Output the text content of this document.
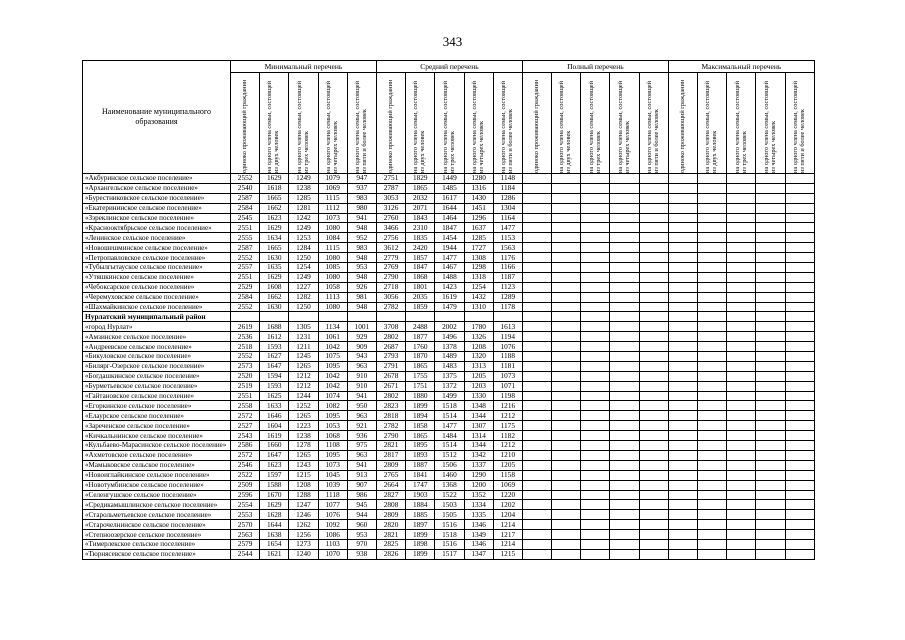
343
Наименование муниципального образования	Минимальный перечень					Средний перечень					Полный перечень					Максимальный перечень				

	одиноко проживающий гражданин	на одного члена семьи, состоящей из двух человек	на одного члена семьи, состоящей из трех человек	на одного члена семьи, состоящей из четырех человек	на одного члена семьи, состоящей из пяти и более человек	одиноко проживающий гражданин	на одного члена семьи, состоящей из двух человек	на одного члена семьи, состоящей из трех человек	на одного члена семьи, состоящей из четырех человек	на одного члена семьи, состоящей из пяти и более человек	одиноко проживающий гражданин	на одного члена семьи, состоящей из двух человек	на одного члена семьи, состоящей из трех человек	на одного члена семьи, состоящей из четырех человек	на одного члена семьи, состоящей из пяти и более человек	одиноко проживающий гражданин	на одного члена семьи, состоящей из двух человек	на одного члена семьи, состоящей из трех человек	на одного члена семьи, состоящей из четырех человек	на одного члена семьи, состоящей из пяти и более человек

«Акбуринское сельское поселение»	2552	1629	1249	1079	947	2751	1829	1449	1280	1148										
«Архангельское сельское поселение»	2540	1618	1238	1069	937	2787	1865	1485	1316	1184										
«Бурестниковское сельское поселение»	2587	1665	1285	1115	983	3053	2032	1617	1430	1286										
«Екатерининское сельское поселение»	2584	1662	1281	1112	980	3126	2071	1644	1451	1304										
«Зэреклинское сельское поселение»	2545	1623	1242	1073	941	2760	1843	1464	1296	1164										
«Краснооктябрьское сельское поселение»	2551	1629	1249	1080	948	3466	2310	1847	1637	1477										
«Ленинское сельское поселение»	2555	1634	1253	1084	952	2756	1835	1454	1285	1153										
«Новошешминское сельское поселение»	2587	1665	1284	1115	983	3612	2420	1944	1727	1563										
«Петропавловское сельское поселение»	2552	1630	1250	1080	948	2779	1857	1477	1308	1176										
«Тубылгытауское сельское поселение»	2557	1635	1254	1085	953	2769	1847	1467	1298	1166										
«Утяшкинское сельское поселение»	2551	1629	1249	1080	948	2790	1868	1488	1318	1187										
«Чебоксарское сельское поселение»	2529	1608	1227	1058	926	2718	1801	1423	1254	1123										
«Черемуховское сельское поселение»	2584	1662	1282	1113	981	3056	2035	1619	1432	1289										
«Шахмайкинское сельское поселение»	2552	1630	1250	1080	948	2782	1859	1479	1310	1178										
Нурлатский муниципальный район																				
«город Нурлат»	2619	1688	1305	1134	1001	3708	2488	2002	1780	1613										
«Амзинское сельское поселение»	2536	1612	1231	1061	929	2802	1877	1496	1326	1194										
«Андреевское сельское поселение»	2518	1593	1211	1042	909	2687	1760	1378	1208	1076										
«Бикуловское сельское поселение»	2552	1627	1245	1075	943	2793	1870	1489	1320	1188										
«Билярг-Озерское сельское поселение»	2573	1647	1265	1095	963	2791	1865	1483	1313	1181										
«Богдашкинское сельское поселение»	2520	1594	1212	1042	910	2678	1755	1375	1205	1073										
«Бурметьевское сельское поселение»	2519	1593	1212	1042	910	2671	1751	1372	1203	1071										
«Гайтановское сельское поселение»	2551	1625	1244	1074	941	2802	1880	1499	1330	1198										
«Егоркинское сельское поселение»	2558	1633	1252	1082	950	2823	1899	1518	1348	1216										
«Елаурское сельское поселение»	2572	1646	1265	1095	963	2818	1894	1514	1344	1212										
«Зареченское сельское поселение»	2527	1604	1223	1053	921	2782	1858	1477	1307	1175										
«Кичкальнинское сельское поселение»	2543	1619	1238	1068	936	2790	1865	1484	1314	1182										
«Кульбаево-Марасинское сельское поселение»	2586	1660	1278	1108	975	2821	1895	1514	1344	1212										
«Ахметовское сельское поселение»	2572	1647	1265	1095	963	2817	1893	1512	1342	1210										
«Мамыковское сельское поселение»	2546	1623	1243	1073	941	2809	1887	1506	1337	1205										
«Новоиглайкинское сельское поселение»	2522	1597	1215	1045	913	2765	1841	1460	1290	1158										
«Новотумбинское сельское поселение»	2509	1588	1208	1039	907	2664	1747	1368	1200	1069										
«Селенгушское сельское поселение»	2596	1670	1288	1118	986	2827	1903	1522	1352	1220										
«Средикамышлинское сельское поселение»	2554	1629	1247	1077	945	2808	1884	1503	1334	1202										
«Старольметьевское сельское поселение»	2553	1628	1246	1076	944	2809	1885	1505	1335	1204										
«Старочелнинское сельское поселение»	2570	1644	1262	1092	960	2820	1897	1516	1346	1214										
«Степноозерское сельское поселение»	2563	1638	1256	1086	953	2821	1899	1518	1349	1217										
«Тимерлекское сельское поселение»	2579	1654	1273	1103	970	2825	1898	1516	1346	1214										
«Тюрнясевское сельское поселение»	2544	1621	1240	1070	938	2826	1899	1517	1347	1215										
